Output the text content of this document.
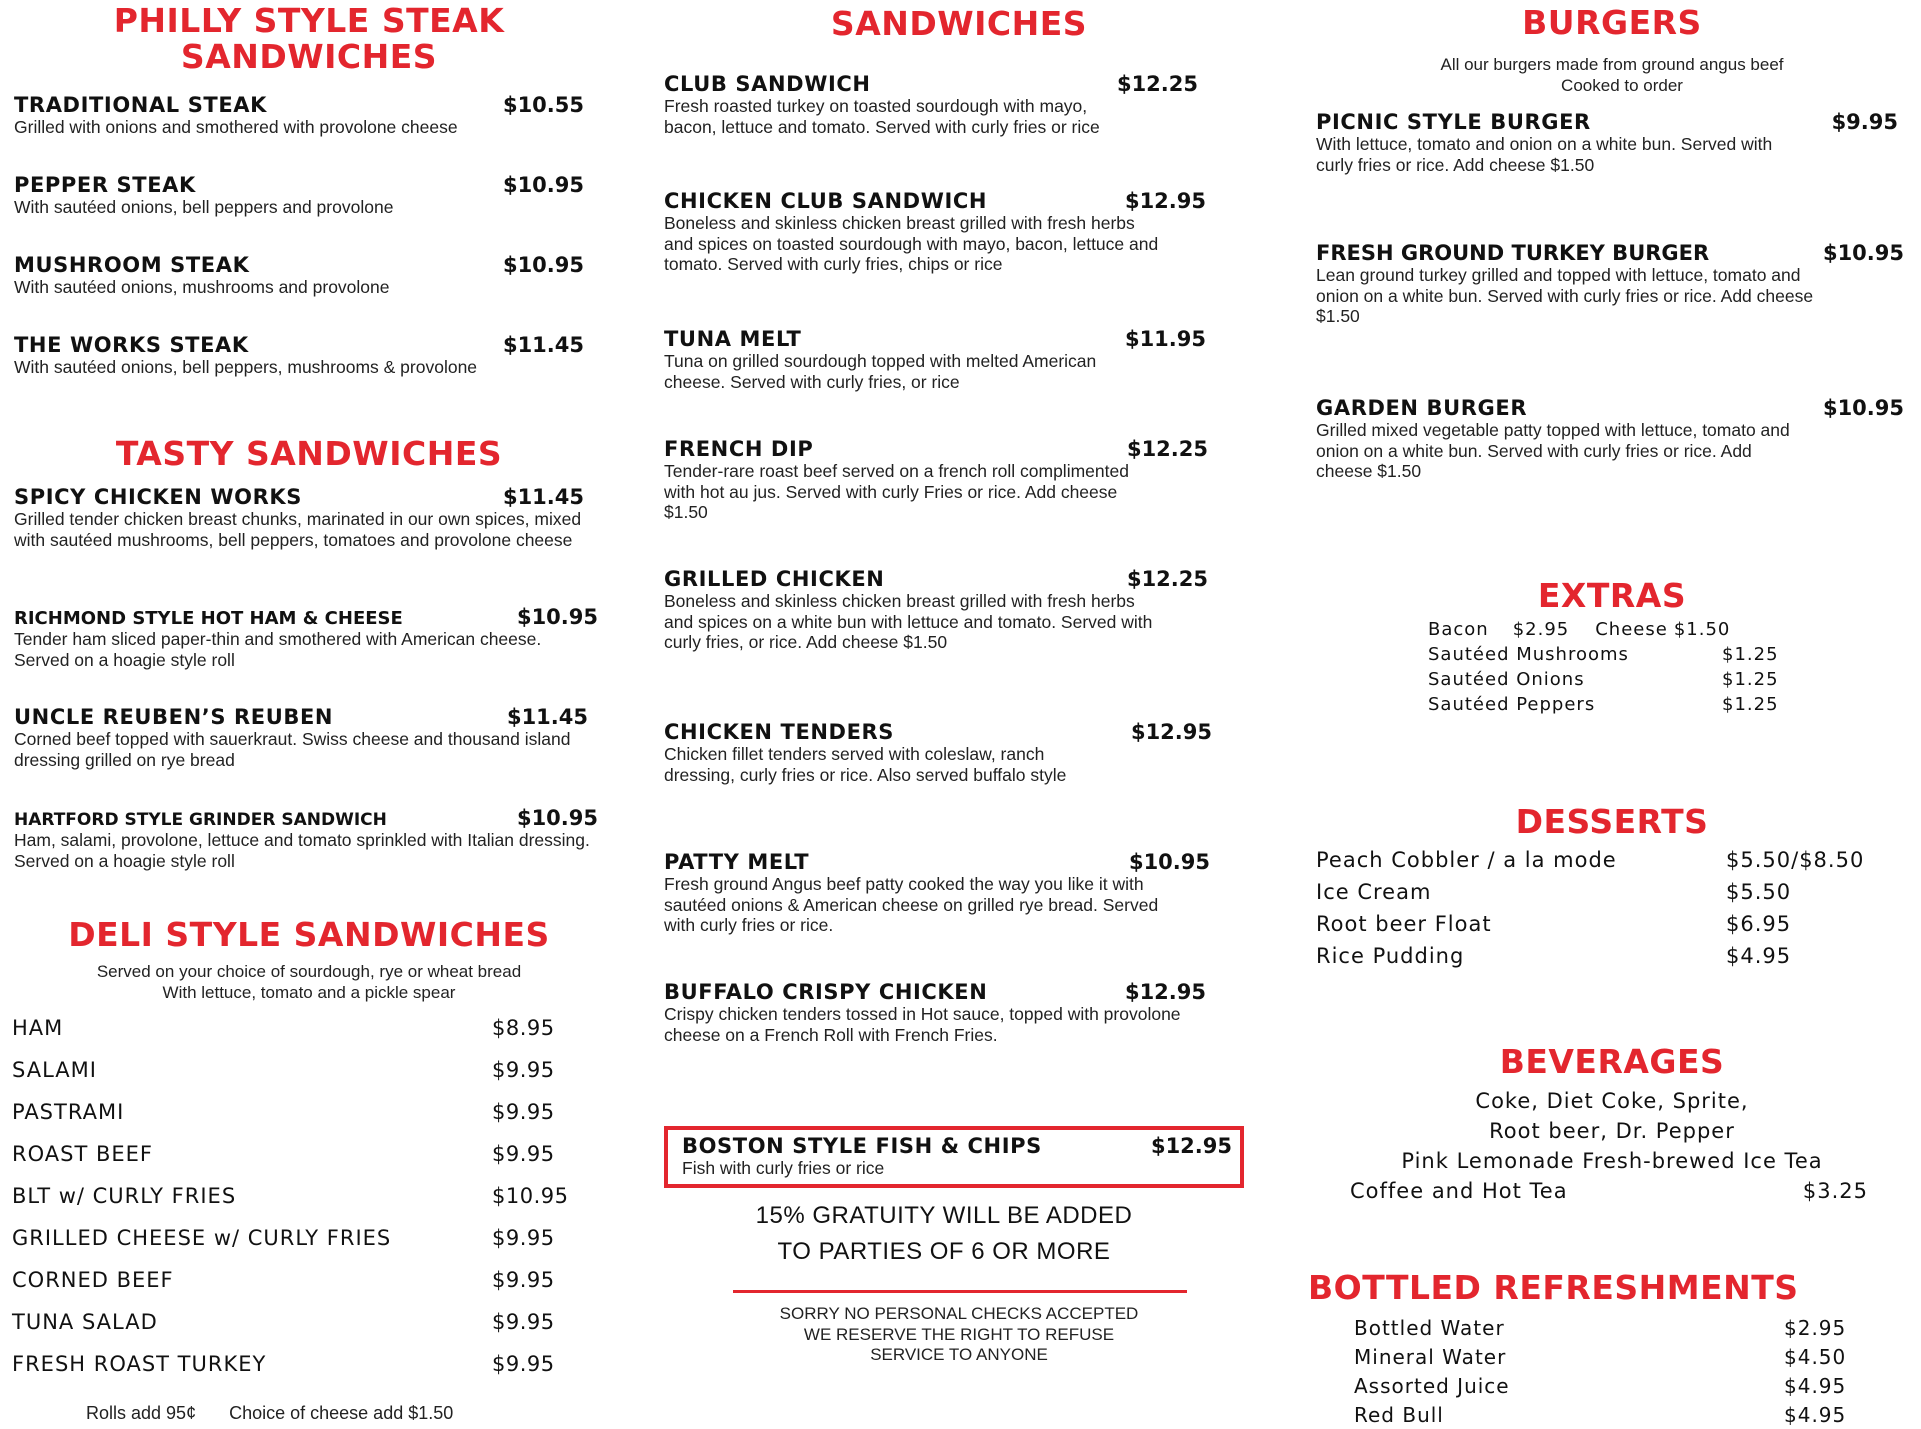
PHILLY STYLE STEAK
SANDWICHES
TRADITIONAL STEAK	$10.55
Grilled with onions and smothered with provolone cheese
PEPPER STEAK	$10.95
With sautéed onions, bell peppers and provolone
MUSHROOM STEAK	$10.95
With sautéed onions, mushrooms and provolone
THE WORKS STEAK	$11.45
With sautéed onions, bell peppers, mushrooms & provolone
TASTY SANDWICHES
SPICY CHICKEN WORKS	$11.45
Grilled tender chicken breast chunks, marinated in our own spices, mixed with sautéed mushrooms, bell peppers, tomatoes and provolone cheese
RICHMOND STYLE HOT HAM & CHEESE	$10.95
Tender ham sliced paper-thin and smothered with American cheese. Served on a hoagie style roll
UNCLE REUBEN’S REUBEN	$11.45
Corned beef topped with sauerkraut. Swiss cheese and thousand island dressing grilled on rye bread
HARTFORD STYLE GRINDER SANDWICH	$10.95
Ham, salami, provolone, lettuce and tomato sprinkled with Italian dressing. Served on a hoagie style roll
DELI STYLE SANDWICHES
Served on your choice of sourdough, rye or wheat bread
With lettuce, tomato and a pickle spear
HAM	$8.95
SALAMI	$9.95
PASTRAMI	$9.95
ROAST BEEF	$9.95
BLT w/ CURLY FRIES	$10.95
GRILLED CHEESE w/ CURLY FRIES	$9.95
CORNED BEEF	$9.95
TUNA SALAD	$9.95
FRESH ROAST TURKEY	$9.95
Rolls add 95¢ Choice of cheese add $1.50
SANDWICHES
CLUB SANDWICH	$12.25
Fresh roasted turkey on toasted sourdough with mayo, bacon, lettuce and tomato. Served with curly fries or rice
CHICKEN CLUB SANDWICH	$12.95
Boneless and skinless chicken breast grilled with fresh herbs and spices on toasted sourdough with mayo, bacon, lettuce and tomato. Served with curly fries, chips or rice
TUNA MELT	$11.95
Tuna on grilled sourdough topped with melted American cheese. Served with curly fries, or rice
FRENCH DIP	$12.25
Tender-rare roast beef served on a french roll complimented with hot au jus. Served with curly Fries or rice. Add cheese $1.50
GRILLED CHICKEN	$12.25
Boneless and skinless chicken breast grilled with fresh herbs and spices on a white bun with lettuce and tomato. Served with curly fries, or rice. Add cheese $1.50
CHICKEN TENDERS	$12.95
Chicken fillet tenders served with coleslaw, ranch dressing, curly fries or rice. Also served buffalo style
PATTY MELT	$10.95
Fresh ground Angus beef patty cooked the way you like it with sautéed onions & American cheese on grilled rye bread. Served with curly fries or rice.
BUFFALO CRISPY CHICKEN	$12.95
Crispy chicken tenders tossed in Hot sauce, topped with provolone cheese on a French Roll with French Fries.
BOSTON STYLE FISH & CHIPS	$12.95
Fish with curly fries or rice
15% GRATUITY WILL BE ADDED
TO PARTIES OF 6 OR MORE
SORRY NO PERSONAL CHECKS ACCEPTED
WE RESERVE THE RIGHT TO REFUSE
SERVICE TO ANYONE
BURGERS
All our burgers made from ground angus beef
Cooked to order
PICNIC STYLE BURGER	$9.95
With lettuce, tomato and onion on a white bun. Served with curly fries or rice. Add cheese $1.50
FRESH GROUND TURKEY BURGER	$10.95
Lean ground turkey grilled and topped with lettuce, tomato and onion on a white bun. Served with curly fries or rice. Add cheese $1.50
GARDEN BURGER	$10.95
Grilled mixed vegetable patty topped with lettuce, tomato and onion on a white bun. Served with curly fries or rice. Add cheese $1.50
EXTRAS
Bacon $2.95 Cheese $1.50
Sautéed Mushrooms	$1.25
Sautéed Onions	$1.25
Sautéed Peppers	$1.25
DESSERTS
Peach Cobbler / a la mode	$5.50/$8.50
Ice Cream	$5.50
Root beer Float	$6.95
Rice Pudding	$4.95
BEVERAGES
Coke, Diet Coke, Sprite,
Root beer, Dr. Pepper
Pink Lemonade Fresh-brewed Ice Tea
Coffee and Hot Tea	$3.25
BOTTLED REFRESHMENTS
Bottled Water	$2.95
Mineral Water	$4.50
Assorted Juice	$4.95
Red Bull	$4.95
